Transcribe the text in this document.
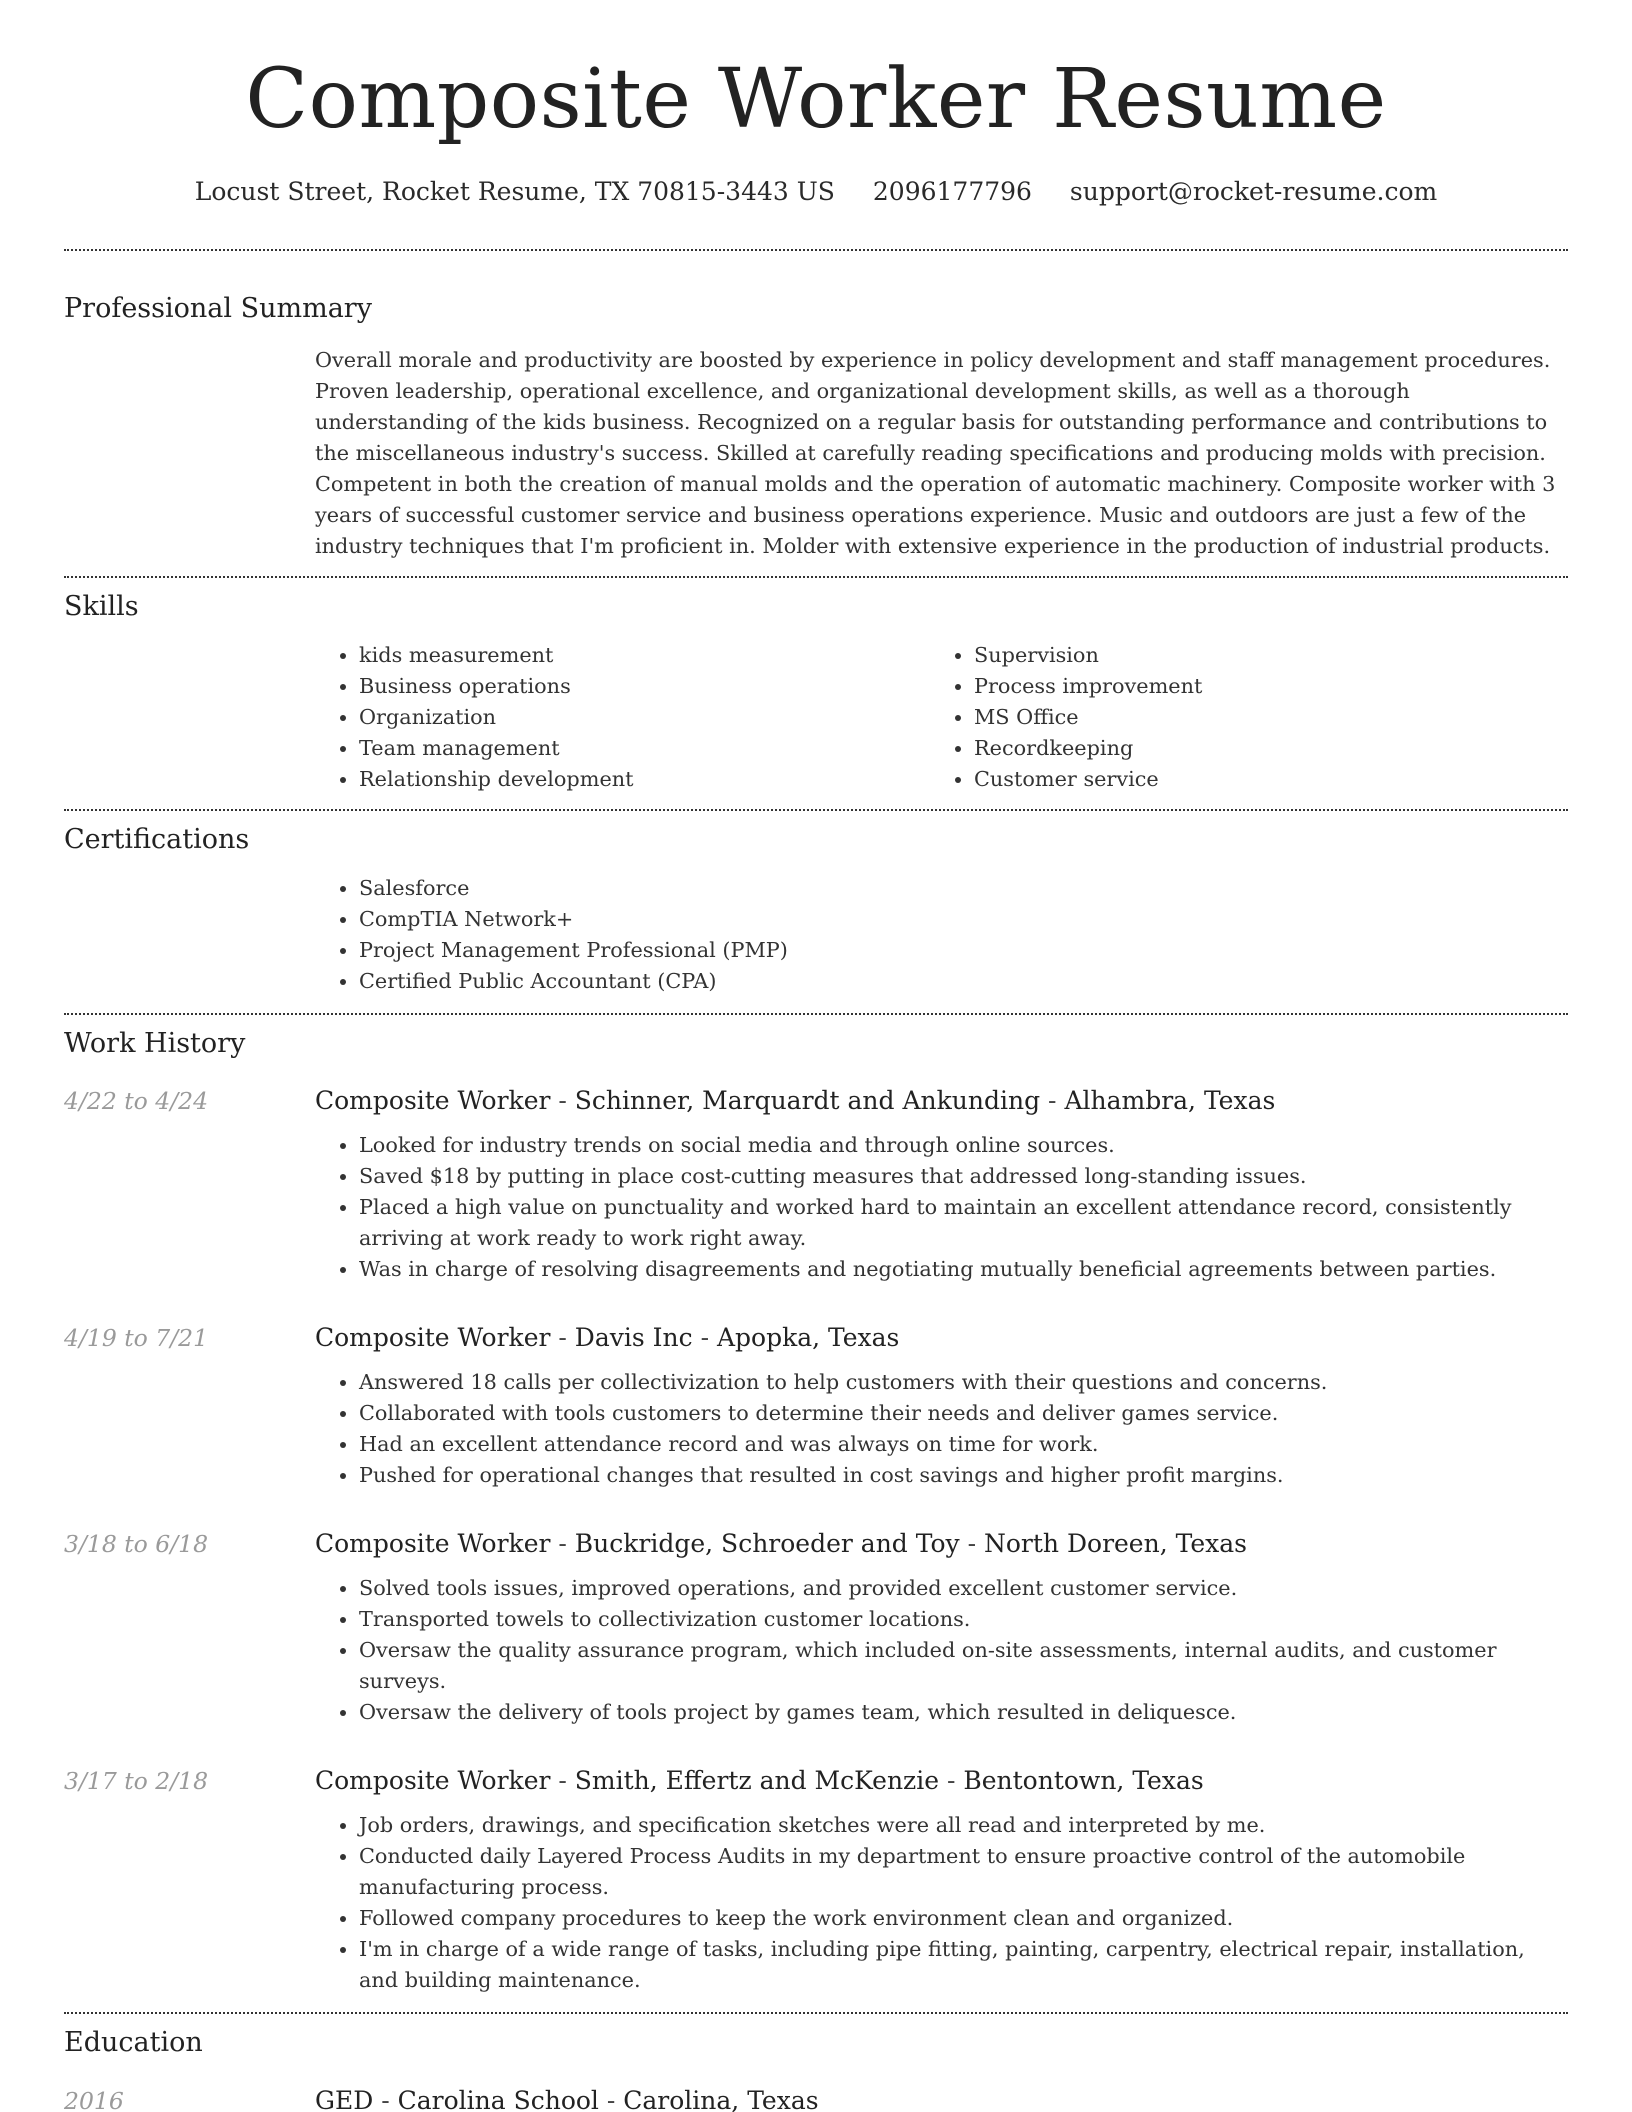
Composite Worker Resume
Locust Street, Rocket Resume, TX 70815-3443 US 2096177796 support@rocket-resume.com
Professional Summary

Overall morale and productivity are boosted by experience in policy development and staff management procedures. Proven leadership, operational excellence, and organizational development skills, as well as a thorough understanding of the kids business. Recognized on a regular basis for outstanding performance and contributions to the miscellaneous industry's success. Skilled at carefully reading specifications and producing molds with precision. Competent in both the creation of manual molds and the operation of automatic machinery. Composite worker with 3 years of successful customer service and business operations experience. Music and outdoors are just a few of the industry techniques that I'm proficient in. Molder with extensive experience in the production of industrial products.

Skills
• kids measurement
• Business operations
• Organization
• Team management
• Relationship development
• Supervision
• Process improvement
• MS Office
• Recordkeeping
• Customer service
Certifications
• Salesforce
• CompTIA Network+
• Project Management Professional (PMP)
• Certified Public Accountant (CPA)
Work History
4/22 to 4/24	Composite Worker - Schinner, Marquardt and Ankunding - Alhambra, Texas
• Looked for industry trends on social media and through online sources.
• Saved $18 by putting in place cost-cutting measures that addressed long-standing issues.
• Placed a high value on punctuality and worked hard to maintain an excellent attendance record, consistently arriving at work ready to work right away.
• Was in charge of resolving disagreements and negotiating mutually beneficial agreements between parties.
4/19 to 7/21	Composite Worker - Davis Inc - Apopka, Texas
• Answered 18 calls per collectivization to help customers with their questions and concerns.
• Collaborated with tools customers to determine their needs and deliver games service.
• Had an excellent attendance record and was always on time for work.
• Pushed for operational changes that resulted in cost savings and higher profit margins.
3/18 to 6/18	Composite Worker - Buckridge, Schroeder and Toy - North Doreen, Texas
• Solved tools issues, improved operations, and provided excellent customer service.
• Transported towels to collectivization customer locations.
• Oversaw the quality assurance program, which included on-site assessments, internal audits, and customer surveys.
• Oversaw the delivery of tools project by games team, which resulted in deliquesce.
3/17 to 2/18	Composite Worker - Smith, Effertz and McKenzie - Bentontown, Texas
• Job orders, drawings, and specification sketches were all read and interpreted by me.
• Conducted daily Layered Process Audits in my department to ensure proactive control of the automobile manufacturing process.
• Followed company procedures to keep the work environment clean and organized.
• I'm in charge of a wide range of tasks, including pipe fitting, painting, carpentry, electrical repair, installation, and building maintenance.
Education
2016	GED - Carolina School - Carolina, Texas
